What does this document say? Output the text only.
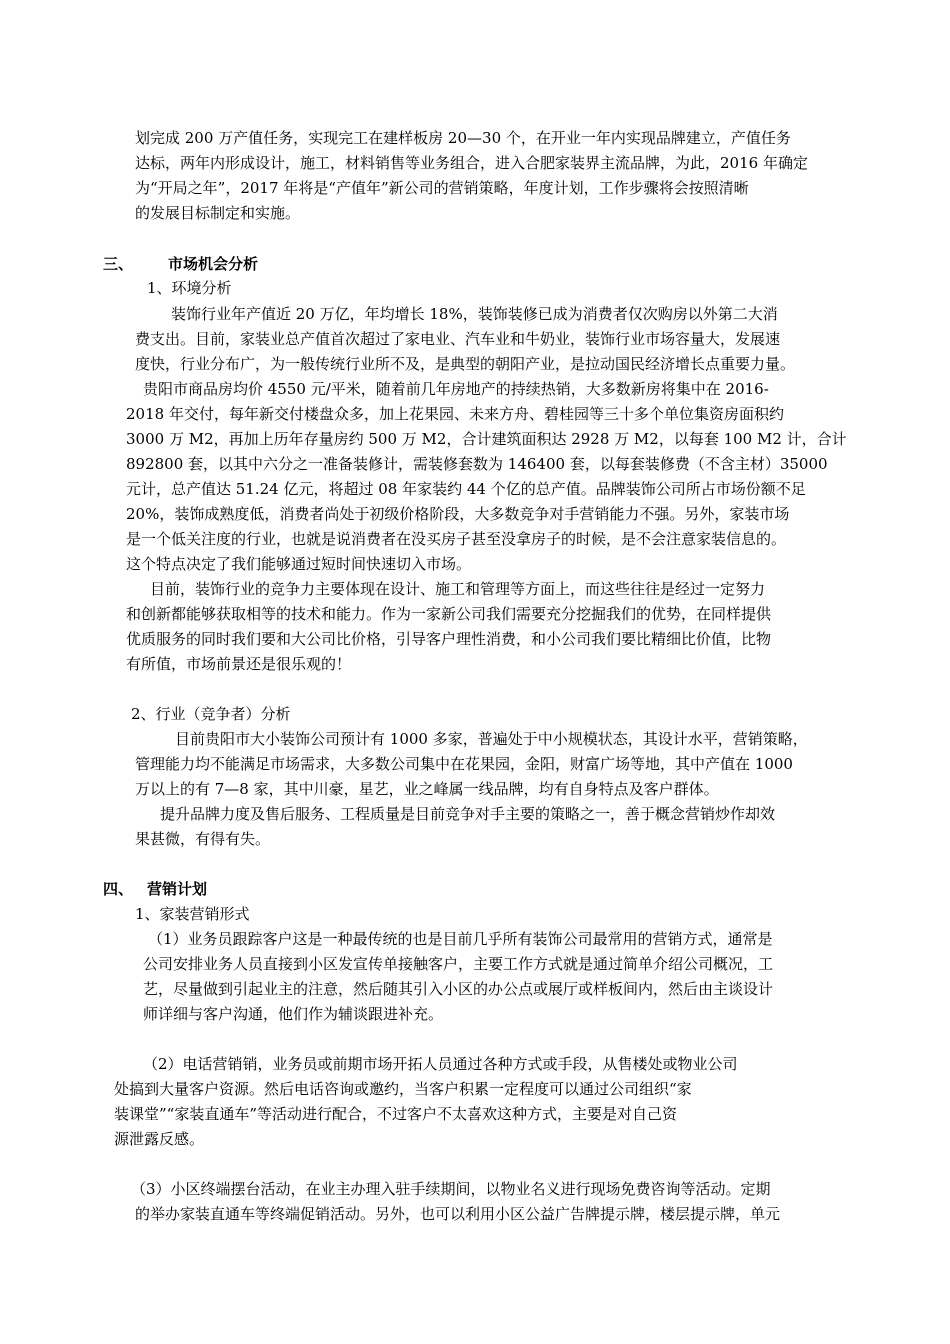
划完成 200 万产值任务，实现完工在建样板房 20—30 个，在开业一年内实现品牌建立，产值任务
达标，两年内形成设计，施工，材料销售等业务组合，进入合肥家装界主流品牌，为此，2016 年确定
为“开局之年”，2017 年将是“产值年”新公司的营销策略，年度计划，工作步骤将会按照清晰
的发展目标制定和实施。
三、 市场机会分析
1、环境分析
装饰行业年产值近 20 万亿，年均增长 18%，装饰装修已成为消费者仅次购房以外第二大消
费支出。目前，家装业总产值首次超过了家电业、汽车业和牛奶业，装饰行业市场容量大，发展速
度快，行业分布广，为一般传统行业所不及，是典型的朝阳产业，是拉动国民经济增长点重要力量。
贵阳市商品房均价 4550 元/平米，随着前几年房地产的持续热销，大多数新房将集中在 2016-
2018 年交付，每年新交付楼盘众多，加上花果园、未来方舟、碧桂园等三十多个单位集资房面积约
3000 万 M2，再加上历年存量房约 500 万 M2，合计建筑面积达 2928 万 M2，以每套 100 M2 计，合计
892800 套，以其中六分之一准备装修计，需装修套数为 146400 套，以每套装修费（不含主材）35000
元计，总产值达 51.24 亿元，将超过 08 年家装约 44 个亿的总产值。品牌装饰公司所占市场份额不足
20%，装饰成熟度低，消费者尚处于初级价格阶段，大多数竞争对手营销能力不强。另外，家装市场
是一个低关注度的行业，也就是说消费者在没买房子甚至没拿房子的时候，是不会注意家装信息的。
这个特点决定了我们能够通过短时间快速切入市场。
目前，装饰行业的竞争力主要体现在设计、施工和管理等方面上，而这些往往是经过一定努力
和创新都能够获取相等的技术和能力。作为一家新公司我们需要充分挖掘我们的优势，在同样提供
优质服务的同时我们要和大公司比价格，引导客户理性消费，和小公司我们要比精细比价值，比物
有所值，市场前景还是很乐观的！
2、行业（竞争者）分析
目前贵阳市大小装饰公司预计有 1000 多家，普遍处于中小规模状态，其设计水平，营销策略，
管理能力均不能满足市场需求，大多数公司集中在花果园，金阳，财富广场等地，其中产值在 1000
万以上的有 7—8 家，其中川豪，星艺，业之峰属一线品牌，均有自身特点及客户群体。
提升品牌力度及售后服务、工程质量是目前竞争对手主要的策略之一，善于概念营销炒作却效
果甚微，有得有失。
四、 营销计划
1、家装营销形式
（1）业务员跟踪客户这是一种最传统的也是目前几乎所有装饰公司最常用的营销方式，通常是
公司安排业务人员直接到小区发宣传单接触客户，主要工作方式就是通过简单介绍公司概况，工
艺，尽量做到引起业主的注意，然后随其引入小区的办公点或展厅或样板间内，然后由主谈设计
师详细与客户沟通，他们作为辅谈跟进补充。
（2）电话营销销，业务员或前期市场开拓人员通过各种方式或手段，从售楼处或物业公司
处搞到大量客户资源。然后电话咨询或邀约，当客户积累一定程度可以通过公司组织“家
装课堂”“家装直通车”等活动进行配合，不过客户不太喜欢这种方式，主要是对自己资
源泄露反感。
（3）小区终端摆台活动，在业主办理入驻手续期间，以物业名义进行现场免费咨询等活动。定期
的举办家装直通车等终端促销活动。另外，也可以利用小区公益广告牌提示牌，楼层提示牌，单元
